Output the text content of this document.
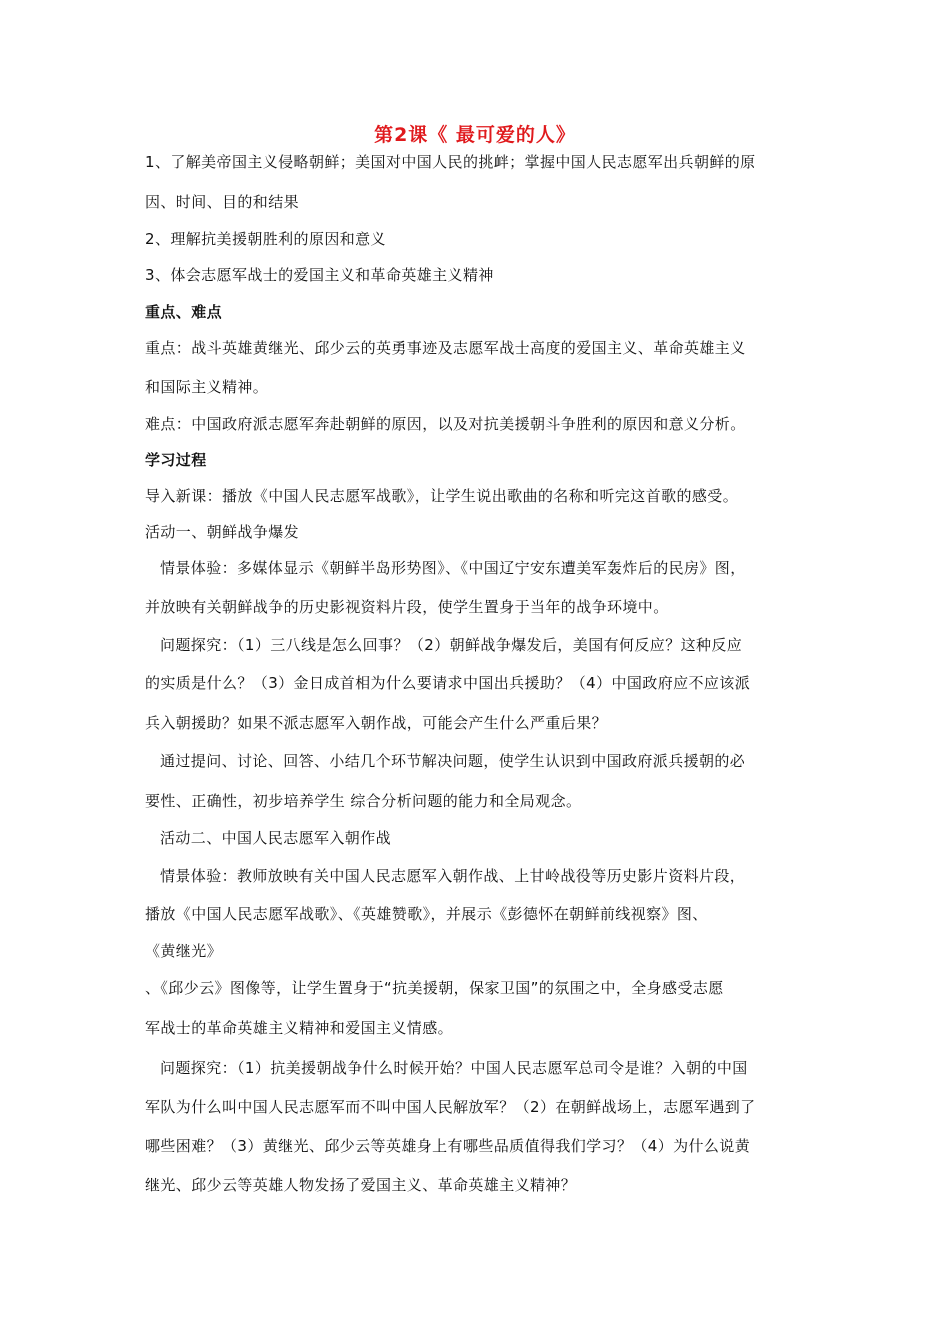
第2课《 最可爱的人》
1、了解美帝国主义侵略朝鲜；美国对中国人民的挑衅；掌握中国人民志愿军出兵朝鲜的原
因、时间、目的和结果
2、理解抗美援朝胜利的原因和意义
3、体会志愿军战士的爱国主义和革命英雄主义精神
重点、难点
重点：战斗英雄黄继光、邱少云的英勇事迹及志愿军战士高度的爱国主义、革命英雄主义
和国际主义精神。
难点：中国政府派志愿军奔赴朝鲜的原因，以及对抗美援朝斗争胜利的原因和意义分析。
学习过程
导入新课：播放《中国人民志愿军战歌》，让学生说出歌曲的名称和听完这首歌的感受。
活动一、朝鲜战争爆发
情景体验：多媒体显示《朝鲜半岛形势图》、《中国辽宁安东遭美军轰炸后的民房》图，
并放映有关朝鲜战争的历史影视资料片段，使学生置身于当年的战争环境中。
问题探究：（1）三八线是怎么回事？（2）朝鲜战争爆发后，美国有何反应？这种反应
的实质是什么？（3）金日成首相为什么要请求中国出兵援助？（4）中国政府应不应该派
兵入朝援助？如果不派志愿军入朝作战，可能会产生什么严重后果？
通过提问、讨论、回答、小结几个环节解决问题，使学生认识到中国政府派兵援朝的必
要性、正确性，初步培养学生 综合分析问题的能力和全局观念。
活动二、中国人民志愿军入朝作战
情景体验：教师放映有关中国人民志愿军入朝作战、上甘岭战役等历史影片资料片段，
播放《中国人民志愿军战歌》、《英雄赞歌》，并展示《彭德怀在朝鲜前线视察》图、
《黄继光》
、《邱少云》图像等，让学生置身于“抗美援朝，保家卫国”的氛围之中，全身感受志愿
军战士的革命英雄主义精神和爱国主义情感。
问题探究：（1）抗美援朝战争什么时候开始？中国人民志愿军总司令是谁？入朝的中国
军队为什么叫中国人民志愿军而不叫中国人民解放军？（2）在朝鲜战场上，志愿军遇到了
哪些困难？（3）黄继光、邱少云等英雄身上有哪些品质值得我们学习？（4）为什么说黄
继光、邱少云等英雄人物发扬了爱国主义、革命英雄主义精神？
